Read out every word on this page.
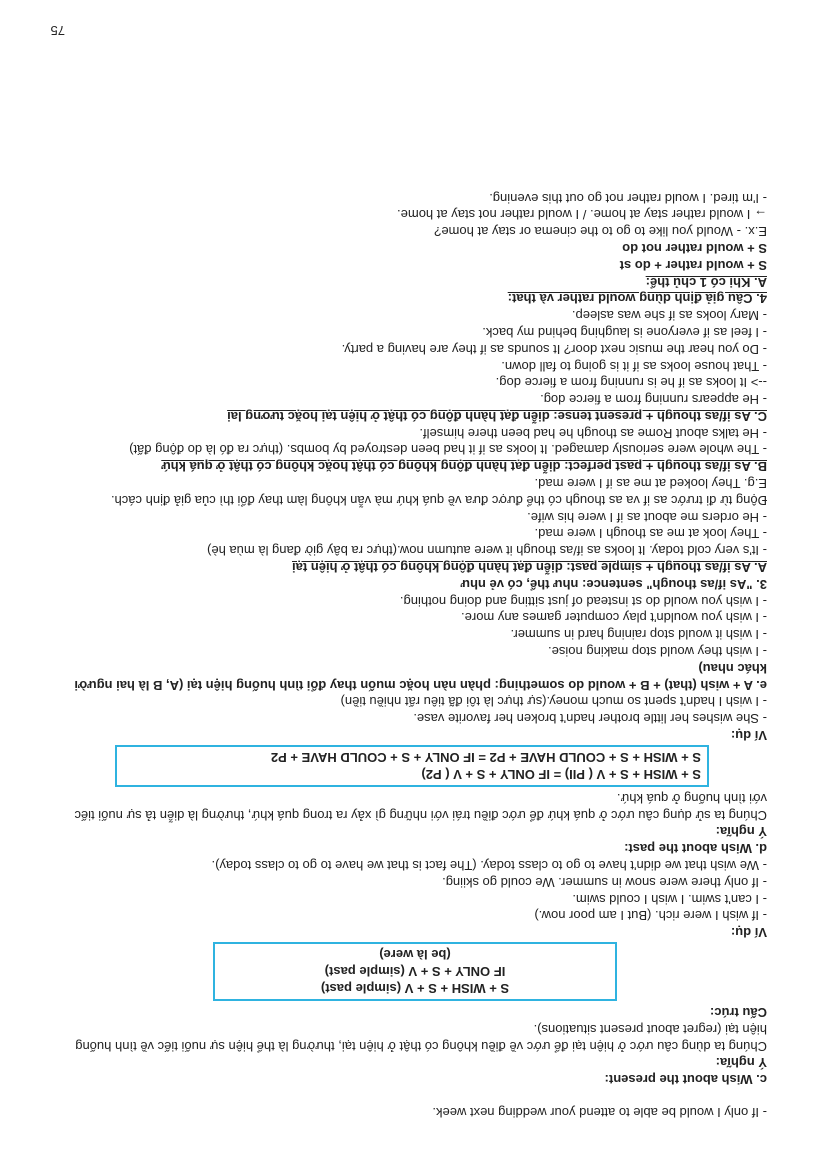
- If only I would be able to attend your wedding next week.

c. Wish about the present:

Ý nghĩa:

Chúng ta dùng câu ước ở hiện tại để ước về điều không có thật ở hiện tại, thường là thể hiện sự nuối tiếc về tình huống hiện tại (regret about present situations).

Cấu trúc:

S + WISH + S + V (simple past)

IF ONLY + S + V (simple past)

(be là were)

Ví dụ:

- If wish I were rich. (But I am poor now.)

- I can't swim. I wish I could swim.

- If only there were snow in summer. We could go skiing.

- We wish that we didn't have to go to class today. (The fact is that we have to go to class today).

d. Wish about the past:

Ý nghĩa:

Chúng ta sử dụng câu ước ở quá khứ để ước điều trái với những gì xảy ra trong quá khứ, thường là diễn tả sự nuối tiếc với tình huống ở quá khứ.

S + WISH + S + V ( PII) = IF ONLY + S + V ( P2)

S + WISH + S + COULD HAVE + P2 = IF ONLY + S + COULD HAVE + P2

Ví dụ:

- She wishes her little brother hadn't broken her favorite vase.

- I wish I hadn't spent so much money.(sự thực là tôi đã tiêu rất nhiều tiền)

e. A + wish (that) + B + would do something: phàn nàn hoặc muốn thay đổi tình huống hiện tại (A, B là hai người khác nhau)

- I wish they would stop making noise.

- I wish it would stop raining hard in summer.

- I wish you wouldn't play computer games any more.

- I wish you would do st instead of just sitting and doing nothing.

3. "As if/as though" sentence: như thể, có vẻ như

A. As if/as though + simple past: diễn đạt hành động không có thật ở hiện tại

- It's very cold today. It looks as if/as though it were autumn now.(thực ra bây giờ đang là mùa hè)

- They look at me as though I were mad.

- He orders me about as if I were his wife.

Động từ đi trước as if va as though có thể được đưa về quá khứ mà vẫn không làm thay đổi thì của giả định cách.

E.g. They looked at me as if I were mad.

B. As if/as though + past perfect: diễn đạt hành động không có thật hoặc không có thật ở quá khứ

- The whole were seriously damaged. It looks as if it had been destroyed by bombs. (thực ra đó là do động đất)

- He talks about Rome as though he had been there himself.

C. As if/as though + present tense: diễn đạt hành động có thật ở hiện tại hoặc tương lai

- He appears running from a fierce dog.

--> It looks as if he is running from a fierce dog.

- That house looks as if it is going to fall down.

- Do you hear the music next door? It sounds as if they are having a party.

- I feel as if everyone is laughing behind my back.

- Mary looks as if she was asleep.

4. Câu giả định dùng would rather và that:

A. Khi có 1 chủ thể:

S + would rather + do st

S + would rather not do

E.x. - Would you like to go to the cinema or stay at home?

→ I would rather stay at home. / I would rather not stay at home.

- I'm tired. I would rather not go out this evening.

75
